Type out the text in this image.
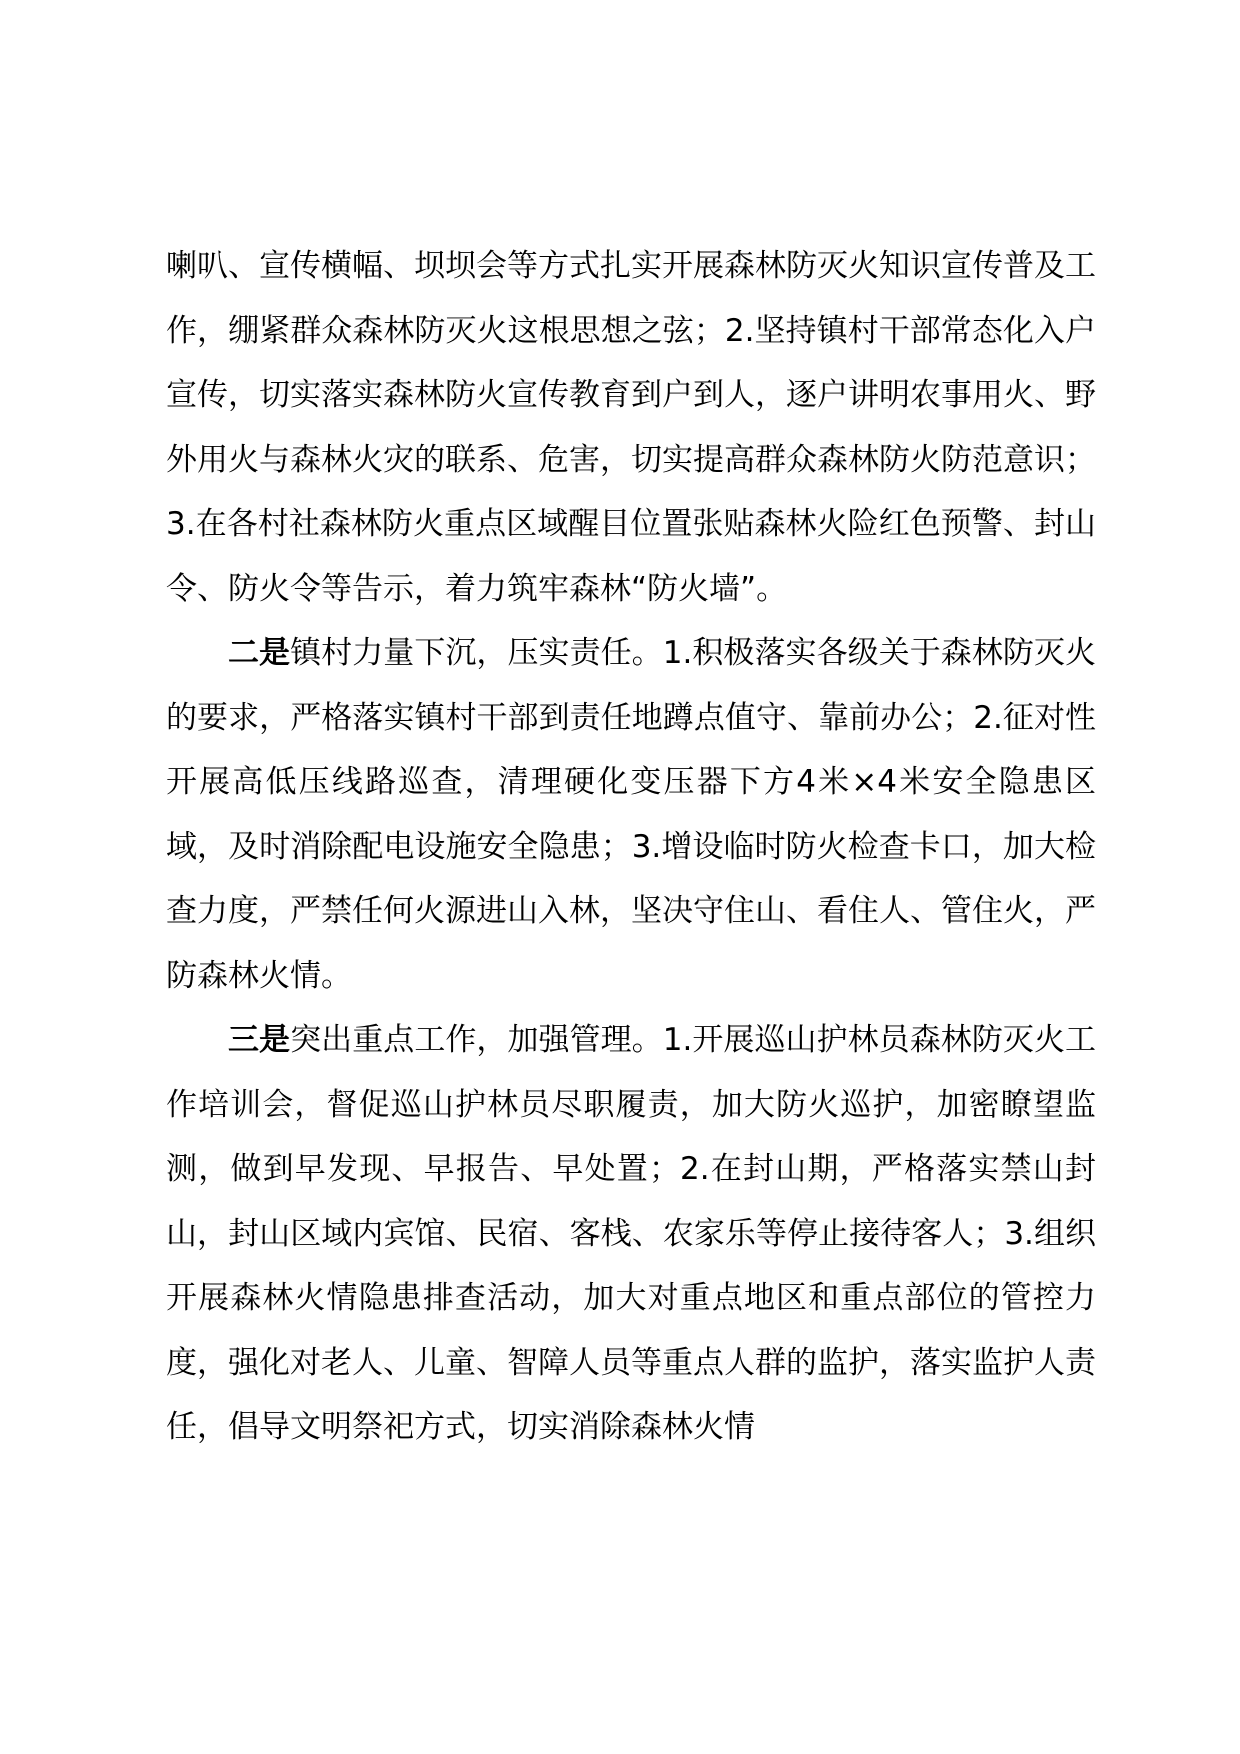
喇叭、宣传横幅、坝坝会等方式扎实开展森林防灭火知识宣传普及工作，绷紧群众森林防灭火这根思想之弦；2.坚持镇村干部常态化入户宣传，切实落实森林防火宣传教育到户到人，逐户讲明农事用火、野外用火与森林火灾的联系、危害，切实提高群众森林防火防范意识；3.在各村社森林防火重点区域醒目位置张贴森林火险红色预警、封山令、防火令等告示，着力筑牢森林“防火墙”。

二是镇村力量下沉，压实责任。1.积极落实各级关于森林防灭火的要求，严格落实镇村干部到责任地蹲点值守、靠前办公；2.征对性开展高低压线路巡查，清理硬化变压器下方4米×4米安全隐患区域，及时消除配电设施安全隐患；3.增设临时防火检查卡口，加大检查力度，严禁任何火源进山入林，坚决守住山、看住人、管住火，严防森林火情。

三是突出重点工作，加强管理。1.开展巡山护林员森林防灭火工作培训会，督促巡山护林员尽职履责，加大防火巡护，加密瞭望监测，做到早发现、早报告、早处置；2.在封山期，严格落实禁山封山，封山区域内宾馆、民宿、客栈、农家乐等停止接待客人；3.组织开展森林火情隐患排查活动，加大对重点地区和重点部位的管控力度，强化对老人、儿童、智障人员等重点人群的监护，落实监护人责任，倡导文明祭祀方式，切实消除森林火情
